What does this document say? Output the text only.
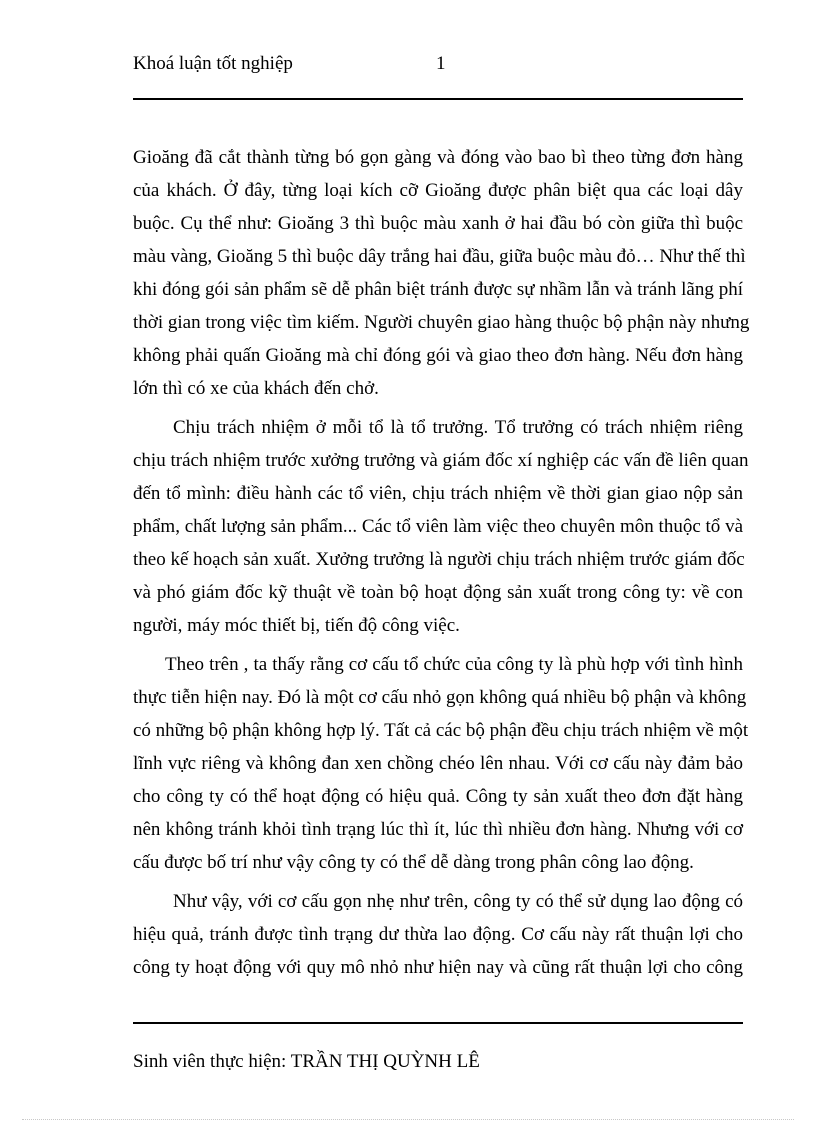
Khoá luận tốt nghiệp	1

Gioăng đã cắt thành từng bó gọn gàng và đóng vào bao bì theo từng đơn hàng
của khách. Ở đây, từng loại kích cỡ Gioăng được phân biệt qua các loại dây
buộc. Cụ thể như: Gioăng 3 thì buộc màu xanh ở hai đầu bó còn giữa thì buộc
màu vàng, Gioăng 5 thì buộc dây trắng hai đầu, giữa buộc màu đỏ… Như thế thì
khi đóng gói sản phẩm sẽ dễ phân biệt tránh được sự nhầm lẫn và tránh lãng phí
thời gian trong việc tìm kiếm. Người chuyên giao hàng thuộc bộ phận này nhưng
không phải quấn Gioăng mà chỉ đóng gói và giao theo đơn hàng. Nếu đơn hàng
lớn thì có xe của khách đến chở.

Chịu trách nhiệm ở mỗi tổ là tổ trưởng. Tổ trưởng có trách nhiệm riêng
chịu trách nhiệm trước xưởng trưởng và giám đốc xí nghiệp các vấn đề liên quan
đến tổ mình: điều hành các tổ viên, chịu trách nhiệm về thời gian giao nộp sản
phẩm, chất lượng sản phẩm... Các tổ viên làm việc theo chuyên môn thuộc tổ và
theo kế hoạch sản xuất. Xưởng trưởng là người chịu trách nhiệm trước giám đốc
và phó giám đốc kỹ thuật về toàn bộ hoạt động sản xuất trong công ty: về con
người, máy móc thiết bị, tiến độ công việc.

Theo trên , ta thấy rằng cơ cấu tổ chức của công ty là phù hợp với tình hình
thực tiễn hiện nay. Đó là một cơ cấu nhỏ gọn không quá nhiều bộ phận và không
có những bộ phận không hợp lý. Tất cả các bộ phận đều chịu trách nhiệm về một
lĩnh vực riêng và không đan xen chồng chéo lên nhau. Với cơ cấu này đảm bảo
cho công ty có thể hoạt động có hiệu quả. Công ty sản xuất theo đơn đặt hàng
nên không tránh khỏi tình trạng lúc thì ít, lúc thì nhiều đơn hàng. Nhưng với cơ
cấu được bố trí như vậy công ty có thể dễ dàng trong phân công lao động.

Như vậy, với cơ cấu gọn nhẹ như trên, công ty có thể sử dụng lao động có
hiệu quả, tránh được tình trạng dư thừa lao động. Cơ cấu này rất thuận lợi cho
công ty hoạt động với quy mô nhỏ như hiện nay và cũng rất thuận lợi cho công

Sinh viên thực hiện: TRẦN THỊ QUỲNH LÊ
